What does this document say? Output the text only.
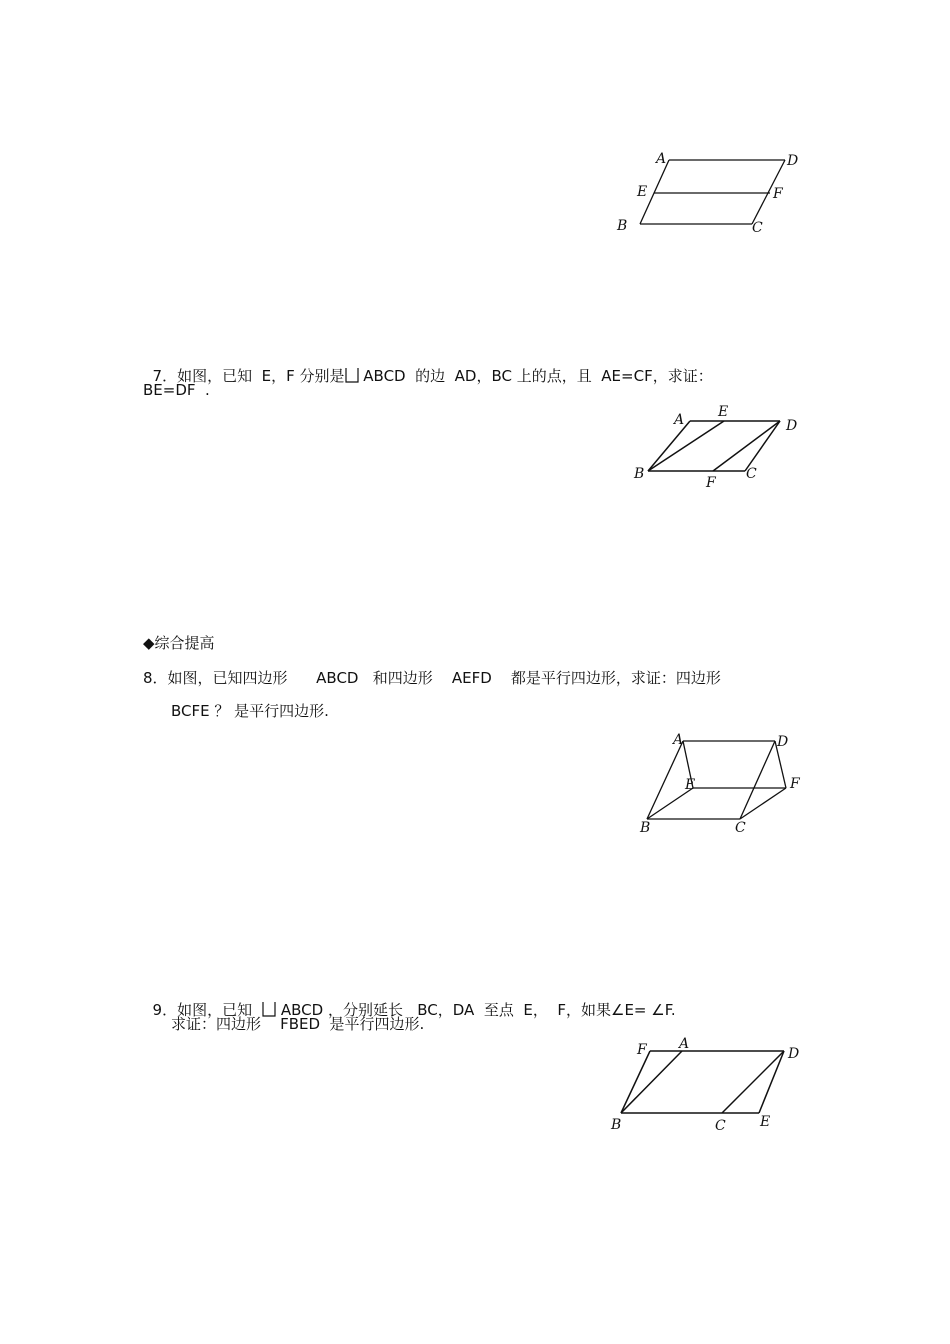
A	D
E	F
B	C

7．如图，已知  E，F 分别是
ABCD  的边  AD，BC 上的点，且  AE=CF，求证：

BE=DF  .
A E
D
B
F
C
◆综合提高
8．如图，已知四边形      ABCD   和四边形    AEFD    都是平行四边形，求证：四边形
BCFE ？ 是平行四边形.
A	D
E	F
B	C

9．如图，已知
ABCD ，分别延长   BC，DA  至点  E，  F，如果∠E= ∠F.

求证：四边形    FBED  是平行四边形.
F A
D
B	C E
